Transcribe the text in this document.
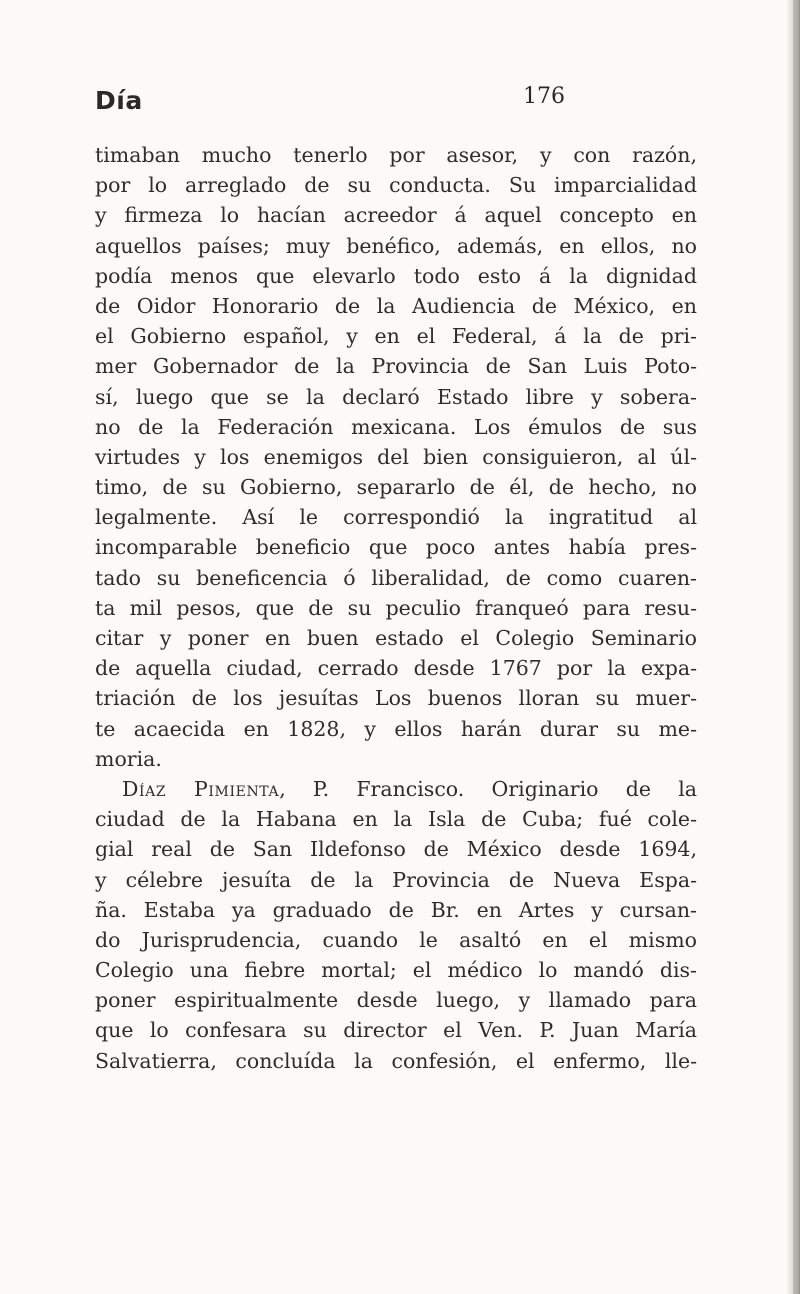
Día	176
timaban mucho tenerlo por asesor, y con razón,
por lo arreglado de su conducta. Su imparcialidad
y firmeza lo hacían acreedor á aquel concepto en
aquellos países; muy benéfico, además, en ellos, no
podía menos que elevarlo todo esto á la dignidad
de Oidor Honorario de la Audiencia de México, en
el Gobierno español, y en el Federal, á la de pri-
mer Gobernador de la Provincia de San Luis Poto-
sí, luego que se la declaró Estado libre y sobera-
no de la Federación mexicana. Los émulos de sus
virtudes y los enemigos del bien consiguieron, al úl-
timo, de su Gobierno, separarlo de él, de hecho, no
legalmente. Así le correspondió la ingratitud al
incomparable beneficio que poco antes había pres-
tado su beneficencia ó liberalidad, de como cuaren-
ta mil pesos, que de su peculio franqueó para resu-
citar y poner en buen estado el Colegio Seminario
de aquella ciudad, cerrado desde 1767 por la expa-
triación de los jesuítas Los buenos lloran su muer-
te acaecida en 1828, y ellos harán durar su me-
moria.
Díaz Pimienta, P. Francisco. Originario de la
ciudad de la Habana en la Isla de Cuba; fué cole-
gial real de San Ildefonso de México desde 1694,
y célebre jesuíta de la Provincia de Nueva Espa-
ña. Estaba ya graduado de Br. en Artes y cursan-
do Jurisprudencia, cuando le asaltó en el mismo
Colegio una fiebre mortal; el médico lo mandó dis-
poner espiritualmente desde luego, y llamado para
que lo confesara su director el Ven. P. Juan María
Salvatierra, concluída la confesión, el enfermo, lle-
